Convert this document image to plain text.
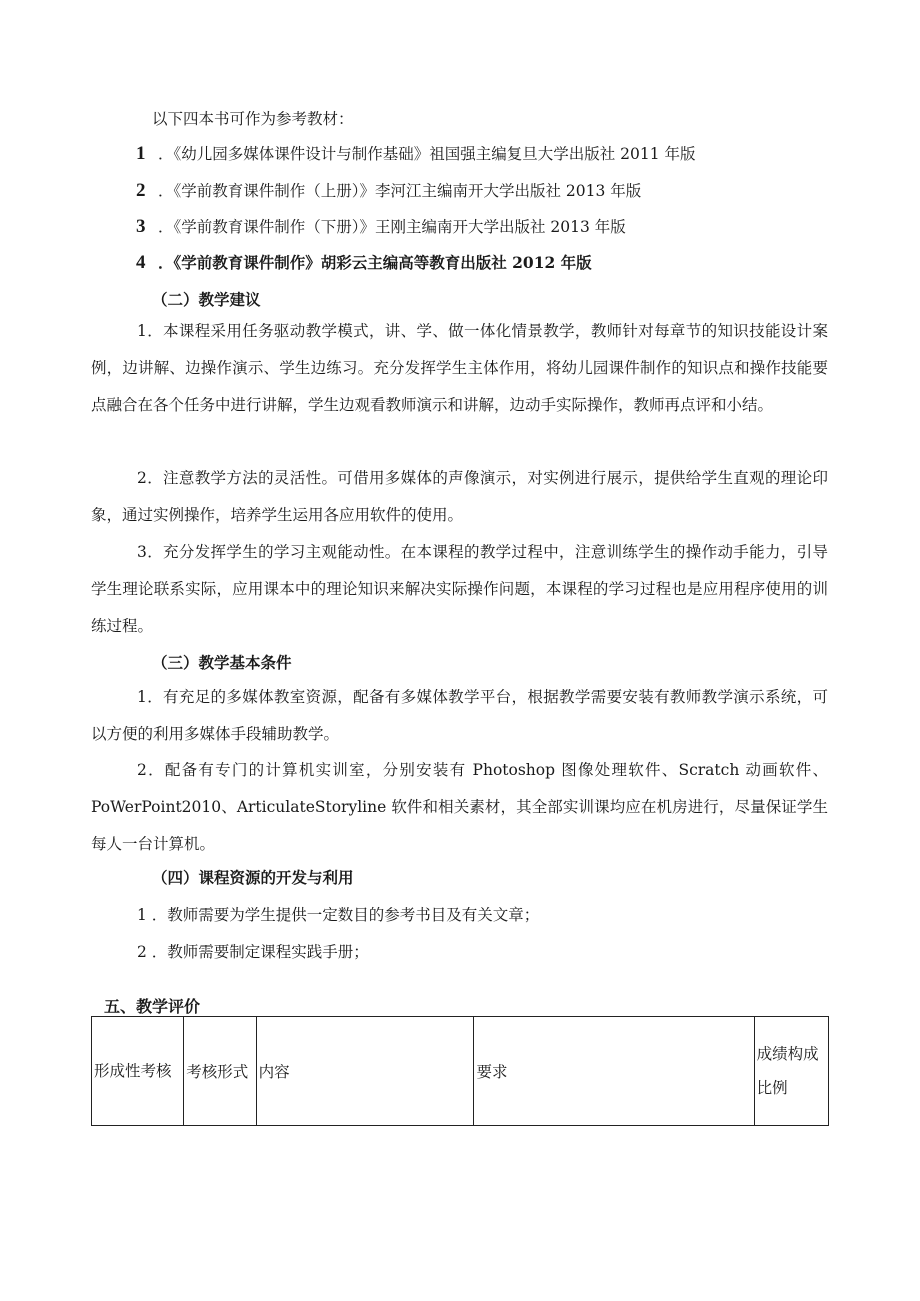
以下四本书可作为参考教材：
1 ．《幼儿园多媒体课件设计与制作基础》祖国强主编复旦大学出版社 2011 年版
2 ．《学前教育课件制作（上册）》李河江主编南开大学出版社 2013 年版
3 ．《学前教育课件制作（下册）》王刚主编南开大学出版社 2013 年版
4 ．《学前教育课件制作》胡彩云主编高等教育出版社 2012 年版
（二）教学建议
1．本课程采用任务驱动教学模式，讲、学、做一体化情景教学，教师针对每章节的知识技能设计案例，边讲解、边操作演示、学生边练习。充分发挥学生主体作用，将幼儿园课件制作的知识点和操作技能要点融合在各个任务中进行讲解，学生边观看教师演示和讲解，边动手实际操作，教师再点评和小结。
2．注意教学方法的灵活性。可借用多媒体的声像演示，对实例进行展示，提供给学生直观的理论印象，通过实例操作，培养学生运用各应用软件的使用。
3．充分发挥学生的学习主观能动性。在本课程的教学过程中，注意训练学生的操作动手能力，引导学生理论联系实际，应用课本中的理论知识来解决实际操作问题，本课程的学习过程也是应用程序使用的训练过程。
（三）教学基本条件
1．有充足的多媒体教室资源，配备有多媒体教学平台，根据教学需要安装有教师教学演示系统，可以方便的利用多媒体手段辅助教学。
2．配备有专门的计算机实训室，分别安装有 Photoshop 图像处理软件、Scratch 动画软件、PoWerPoint2010、ArticulateStoryline 软件和相关素材，其全部实训课均应在机房进行，尽量保证学生每人一台计算机。
（四）课程资源的开发与利用
1 ．教师需要为学生提供一定数目的参考书目及有关文章；
2 ．教师需要制定课程实践手册；
五、教学评价
形成性考核	考核形式	内容	要求	成绩构成比例
